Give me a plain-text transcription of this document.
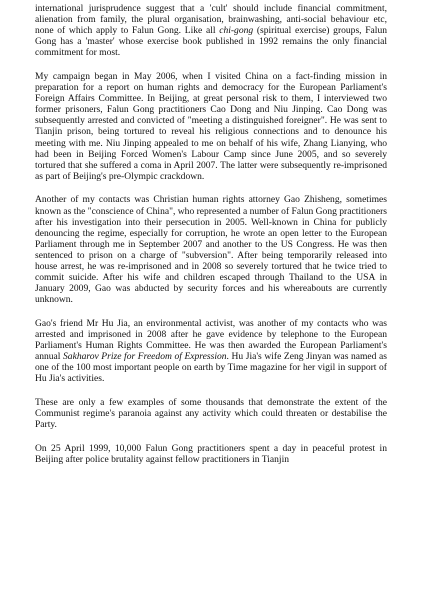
international jurisprudence suggest that a 'cult' should include financial commitment, alienation from family, the plural organisation, brainwashing, anti-social behaviour etc, none of which apply to Falun Gong. Like all chi-gong (spiritual exercise) groups, Falun Gong has a 'master' whose exercise book published in 1992 remains the only financial commitment for most.

My campaign began in May 2006, when I visited China on a fact-finding mission in preparation for a report on human rights and democracy for the European Parliament's Foreign Affairs Committee. In Beijing, at great personal risk to them, I interviewed two former prisoners, Falun Gong practitioners Cao Dong and Niu Jinping. Cao Dong was subsequently arrested and convicted of "meeting a distinguished foreigner". He was sent to Tianjin prison, being tortured to reveal his religious connections and to denounce his meeting with me. Niu Jinping appealed to me on behalf of his wife, Zhang Lianying, who had been in Beijing Forced Women's Labour Camp since June 2005, and so severely tortured that she suffered a coma in April 2007. The latter were subsequently re-imprisoned as part of Beijing's pre-Olympic crackdown.

Another of my contacts was Christian human rights attorney Gao Zhisheng, sometimes known as the "conscience of China", who represented a number of Falun Gong practitioners after his investigation into their persecution in 2005. Well-known in China for publicly denouncing the regime, especially for corruption, he wrote an open letter to the European Parliament through me in September 2007 and another to the US Congress. He was then sentenced to prison on a charge of "subversion". After being temporarily released into house arrest, he was re-imprisoned and in 2008 so severely tortured that he twice tried to commit suicide. After his wife and children escaped through Thailand to the USA in January 2009, Gao was abducted by security forces and his whereabouts are currently unknown.

Gao's friend Mr Hu Jia, an environmental activist, was another of my contacts who was arrested and imprisoned in 2008 after he gave evidence by telephone to the European Parliament's Human Rights Committee. He was then awarded the European Parliament's annual Sakharov Prize for Freedom of Expression. Hu Jia's wife Zeng Jinyan was named as one of the 100 most important people on earth by Time magazine for her vigil in support of Hu Jia's activities.

These are only a few examples of some thousands that demonstrate the extent of the Communist regime's paranoia against any activity which could threaten or destabilise the Party.

On 25 April 1999, 10,000 Falun Gong practitioners spent a day in peaceful protest in Beijing after police brutality against fellow practitioners in Tianjin
